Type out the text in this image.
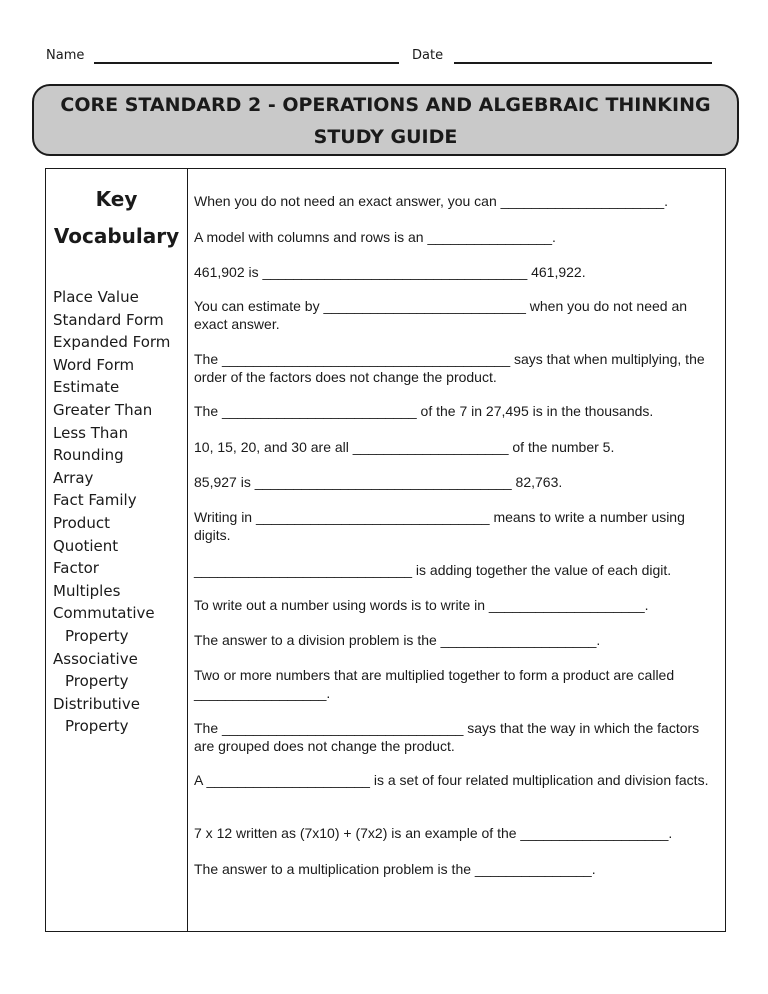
Name	Date
CORE STANDARD 2 - OPERATIONS AND ALGEBRAIC THINKING
STUDY GUIDE
Key
Vocabulary
Place Value
Standard Form
Expanded Form
Word Form
Estimate
Greater Than
Less Than
Rounding
Array
Fact Family
Product
Quotient
Factor
Multiples
Commutative
Property
Associative
Property
Distributive
Property
When you do not need an exact answer, you can _____________________.
A model with columns and rows is an ________________.
461,902 is __________________________________ 461,922.
You can estimate by __________________________ when you do not need an exact answer.
The _____________________________________ says that when multiplying, the order of the factors does not change the product.
The _________________________ of the 7 in 27,495 is in the thousands.
10, 15, 20, and 30 are all ____________________ of the number 5.
85,927 is _________________________________ 82,763.
Writing in ______________________________ means to write a number using digits.
____________________________ is adding together the value of each digit.
To write out a number using words is to write in ____________________.
The answer to a division problem is the ____________________.
Two or more numbers that are multiplied together to form a product are called _________________.
The _______________________________ says that the way in which the factors are grouped does not change the product.
A _____________________ is a set of four related multiplication and division facts.
7 x 12 written as (7x10) + (7x2) is an example of the ___________________.
The answer to a multiplication problem is the _______________.
